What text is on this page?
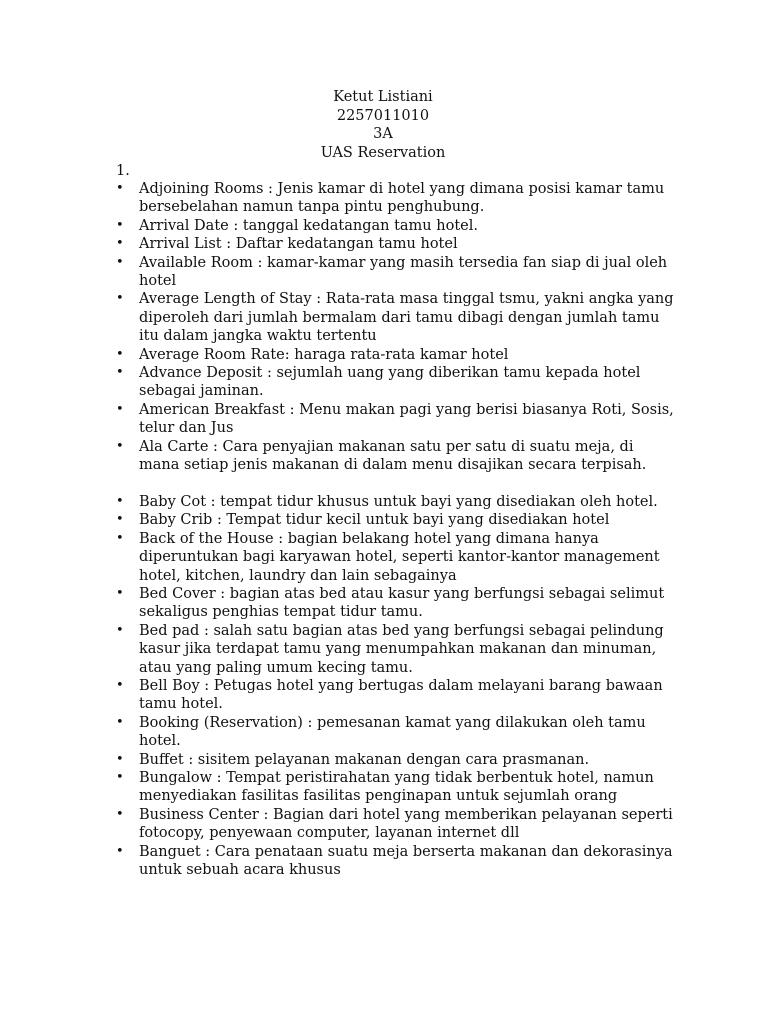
Ketut Listiani
2257011010
3A
UAS Reservation
1.
• Adjoining Rooms : Jenis kamar di hotel yang dimana posisi kamar tamu bersebelahan namun tanpa pintu penghubung.
• Arrival Date : tanggal kedatangan tamu hotel.
• Arrival List : Daftar kedatangan tamu hotel
• Available Room : kamar-kamar yang masih tersedia fan siap di jual oleh hotel
• Average Length of Stay : Rata-rata masa tinggal tsmu, yakni angka yang diperoleh dari jumlah bermalam dari tamu dibagi dengan jumlah tamu itu dalam jangka waktu tertentu
• Average Room Rate: haraga rata-rata kamar hotel
• Advance Deposit : sejumlah uang yang diberikan tamu kepada hotel sebagai jaminan.
• American Breakfast : Menu makan pagi yang berisi biasanya Roti, Sosis, telur dan Jus
• Ala Carte : Cara penyajian makanan satu per satu di suatu meja, di mana setiap jenis makanan di dalam menu disajikan secara terpisah.
• Baby Cot : tempat tidur khusus untuk bayi yang disediakan oleh hotel.
• Baby Crib : Tempat tidur kecil untuk bayi yang disediakan hotel
• Back of the House : bagian belakang hotel yang dimana hanya diperuntukan bagi karyawan hotel, seperti kantor-kantor management hotel, kitchen, laundry dan lain sebagainya
• Bed Cover : bagian atas bed atau kasur yang berfungsi sebagai selimut sekaligus penghias tempat tidur tamu.
• Bed pad : salah satu bagian atas bed yang berfungsi sebagai pelindung kasur jika terdapat tamu yang menumpahkan makanan dan minuman, atau yang paling umum kecing tamu.
• Bell Boy : Petugas hotel yang bertugas dalam melayani barang bawaan tamu hotel.
• Booking (Reservation) : pemesanan kamat yang dilakukan oleh tamu hotel.
• Buffet : sisitem pelayanan makanan dengan cara prasmanan.
• Bungalow : Tempat peristirahatan yang tidak berbentuk hotel, namun menyediakan fasilitas fasilitas penginapan untuk sejumlah orang
• Business Center : Bagian dari hotel yang memberikan pelayanan seperti fotocopy, penyewaan computer, layanan internet dll
• Banguet : Cara penataan suatu meja berserta makanan dan dekorasinya untuk sebuah acara khusus
